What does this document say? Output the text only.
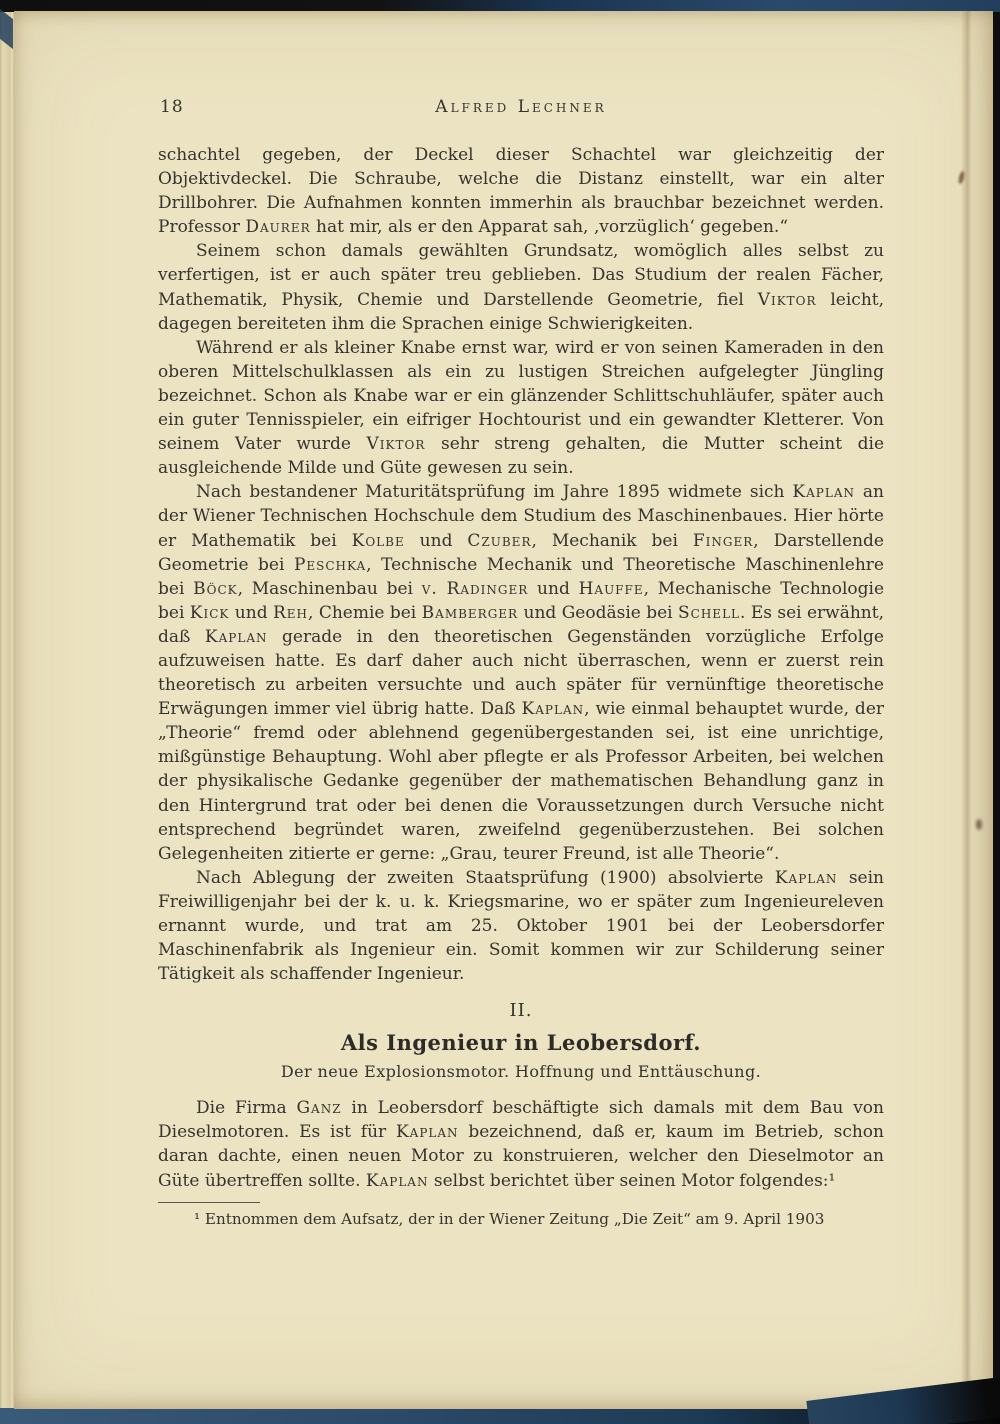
18	Alfred Lechner

schachtel gegeben, der Deckel dieser Schachtel war gleichzeitig der Objektivdeckel. Die Schraube, welche die Distanz einstellt, war ein alter Drillbohrer. Die Aufnahmen konnten immerhin als brauchbar bezeichnet werden. Professor Daurer hat mir, als er den Apparat sah, ‚vorzüglich‘ gegeben.“

Seinem schon damals gewählten Grundsatz, womöglich alles selbst zu verfertigen, ist er auch später treu geblieben. Das Studium der realen Fächer, Mathematik, Physik, Chemie und Darstellende Geometrie, fiel Viktor leicht, dagegen bereiteten ihm die Sprachen einige Schwierigkeiten.

Während er als kleiner Knabe ernst war, wird er von seinen Kameraden in den oberen Mittelschulklassen als ein zu lustigen Streichen aufgelegter Jüngling bezeichnet. Schon als Knabe war er ein glänzender Schlittschuhläufer, später auch ein guter Tennisspieler, ein eifriger Hochtourist und ein gewandter Kletterer. Von seinem Vater wurde Viktor sehr streng gehalten, die Mutter scheint die ausgleichende Milde und Güte gewesen zu sein.

Nach bestandener Maturitätsprüfung im Jahre 1895 widmete sich Kaplan an der Wiener Technischen Hochschule dem Studium des Maschinenbaues. Hier hörte er Mathematik bei Kolbe und Czuber, Mechanik bei Finger, Darstellende Geometrie bei Peschka, Technische Mechanik und Theoretische Maschinenlehre bei Böck, Maschinenbau bei v. Radinger und Hauffe, Mechanische Technologie bei Kick und Reh, Chemie bei Bamberger und Geodäsie bei Schell. Es sei erwähnt, daß Kaplan gerade in den theoretischen Gegenständen vorzügliche Erfolge aufzuweisen hatte. Es darf daher auch nicht überraschen, wenn er zuerst rein theoretisch zu arbeiten versuchte und auch später für vernünftige theoretische Erwägungen immer viel übrig hatte. Daß Kaplan, wie einmal behauptet wurde, der „Theorie“ fremd oder ablehnend gegenübergestanden sei, ist eine unrichtige, mißgünstige Behauptung. Wohl aber pflegte er als Professor Arbeiten, bei welchen der physikalische Gedanke gegenüber der mathematischen Behandlung ganz in den Hintergrund trat oder bei denen die Voraussetzungen durch Versuche nicht entsprechend begründet waren, zweifelnd gegenüberzustehen. Bei solchen Gelegenheiten zitierte er gerne: „Grau, teurer Freund, ist alle Theorie“.

Nach Ablegung der zweiten Staatsprüfung (1900) absolvierte Kaplan sein Freiwilligenjahr bei der k. u. k. Kriegsmarine, wo er später zum Ingenieureleven ernannt wurde, und trat am 25. Oktober 1901 bei der Leobersdorfer Maschinenfabrik als Ingenieur ein. Somit kommen wir zur Schilderung seiner Tätigkeit als schaffender Ingenieur.

II.
Als Ingenieur in Leobersdorf.
Der neue Explosionsmotor. Hoffnung und Enttäuschung.

Die Firma Ganz in Leobersdorf beschäftigte sich damals mit dem Bau von Dieselmotoren. Es ist für Kaplan bezeichnend, daß er, kaum im Betrieb, schon daran dachte, einen neuen Motor zu konstruieren, welcher den Dieselmotor an Güte übertreffen sollte. Kaplan selbst berichtet über seinen Motor folgendes:¹

¹ Entnommen dem Aufsatz, der in der Wiener Zeitung „Die Zeit“ am 9. April 1903
